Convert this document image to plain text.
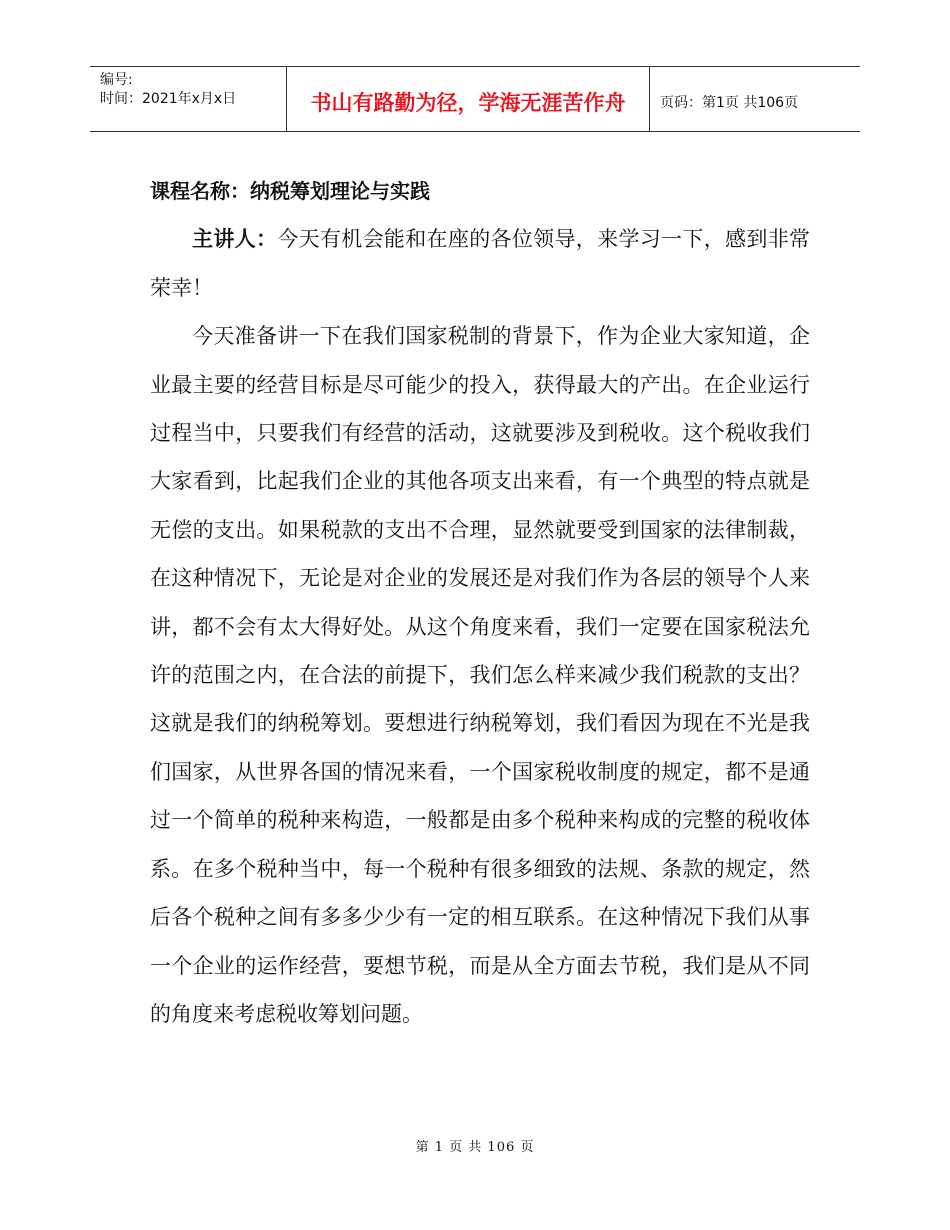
编号:
时间：2021年x月x日	书山有路勤为径，学海无涯苦作舟	页码：第1页 共106页

课程名称：纳税筹划理论与实践

主讲人：今天有机会能和在座的各位领导，来学习一下，感到非常荣幸！

今天准备讲一下在我们国家税制的背景下，作为企业大家知道，企业最主要的经营目标是尽可能少的投入，获得最大的产出。在企业运行过程当中，只要我们有经营的活动，这就要涉及到税收。这个税收我们大家看到，比起我们企业的其他各项支出来看，有一个典型的特点就是无偿的支出。如果税款的支出不合理，显然就要受到国家的法律制裁，在这种情况下，无论是对企业的发展还是对我们作为各层的领导个人来讲，都不会有太大得好处。从这个角度来看，我们一定要在国家税法允许的范围之内，在合法的前提下，我们怎么样来减少我们税款的支出？这就是我们的纳税筹划。要想进行纳税筹划，我们看因为现在不光是我们国家，从世界各国的情况来看，一个国家税收制度的规定，都不是通过一个简单的税种来构造，一般都是由多个税种来构成的完整的税收体系。在多个税种当中，每一个税种有很多细致的法规、条款的规定，然后各个税种之间有多多少少有一定的相互联系。在这种情况下我们从事一个企业的运作经营，要想节税，而是从全方面去节税，我们是从不同的角度来考虑税收筹划问题。

第 1 页 共 106 页
